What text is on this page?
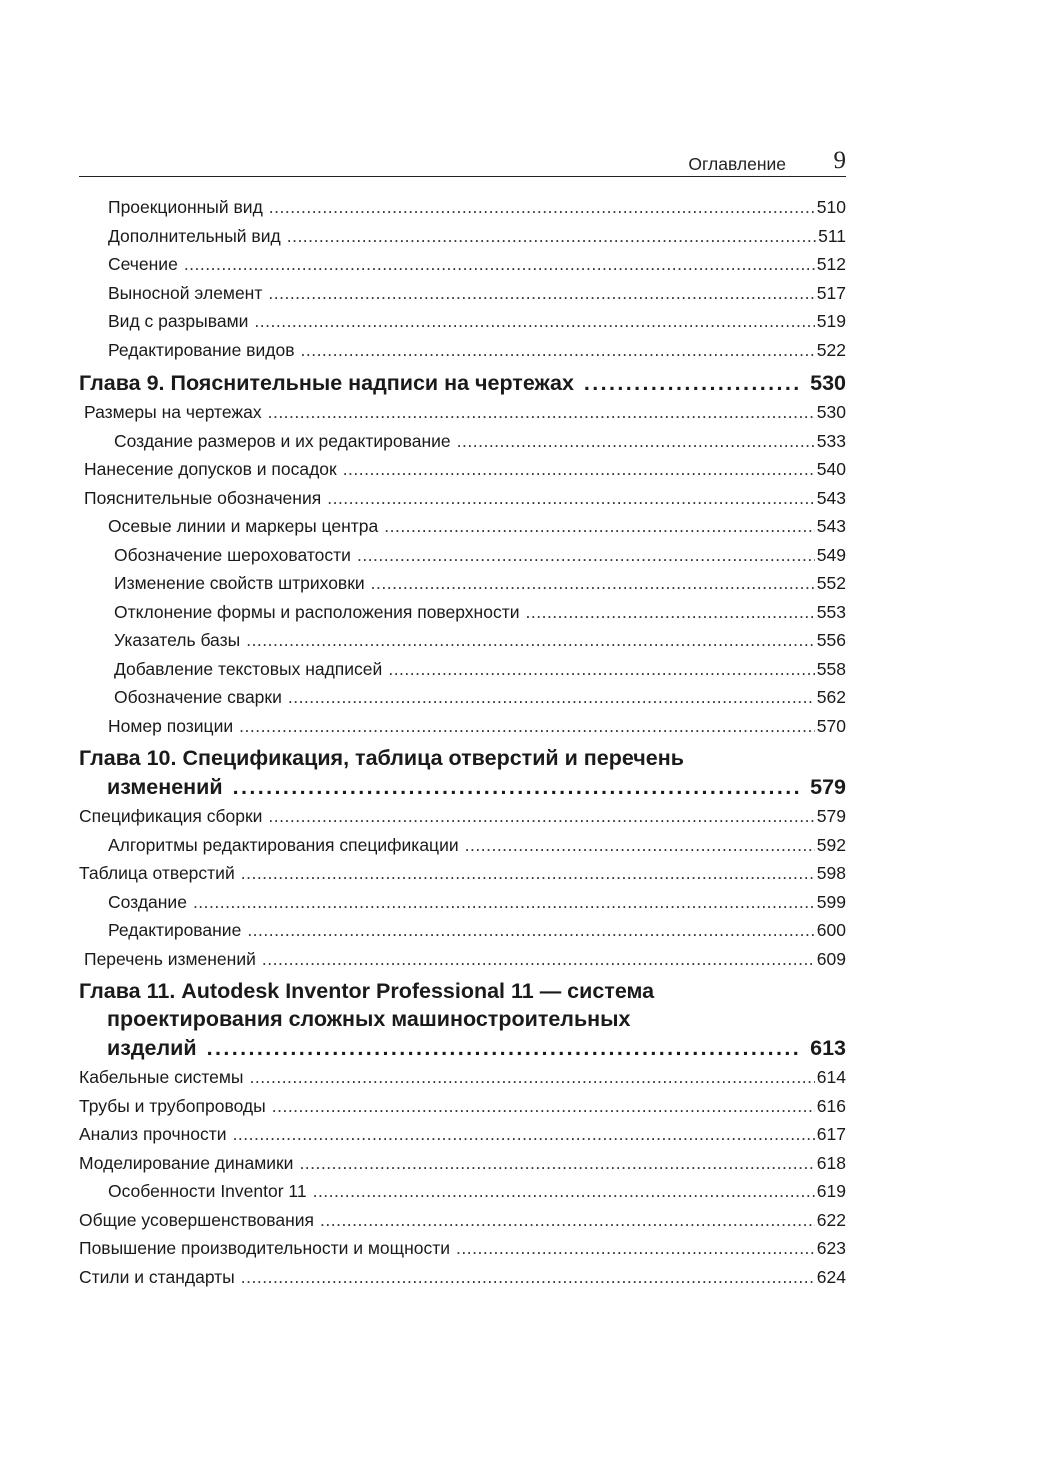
Оглавление 9
Проекционный вид .....	510
Дополнительный вид .....	511
Сечение .....	512
Выносной элемент .....	517
Вид с разрывами .....	519
Редактирование видов .....	522
Глава 9. Пояснительные надписи на чертежах .....	530
Размеры на чертежах .....	530
Создание размеров и их редактирование .....	533
Нанесение допусков и посадок .....	540
Пояснительные обозначения .....	543
Осевые линии и маркеры центра .....	543
Обозначение шероховатости .....	549
Изменение свойств штриховки .....	552
Отклонение формы и расположения поверхности .....	553
Указатель базы .....	556
Добавление текстовых надписей .....	558
Обозначение сварки .....	562
Номер позиции .....	570
Глава 10. Спецификация, таблица отверстий и перечень
изменений .....	579
Спецификация сборки .....	579
Алгоритмы редактирования спецификации .....	592
Таблица отверстий .....	598
Создание .....	599
Редактирование .....	600
Перечень изменений .....	609
Глава 11. Autodesk Inventor Professional 11 — система
проектирования сложных машиностроительных
изделий .....	613
Кабельные системы .....	614
Трубы и трубопроводы .....	616
Анализ прочности .....	617
Моделирование динамики .....	618
Особенности Inventor 11 .....	619
Общие усовершенствования .....	622
Повышение производительности и мощности .....	623
Стили и стандарты .....	624
